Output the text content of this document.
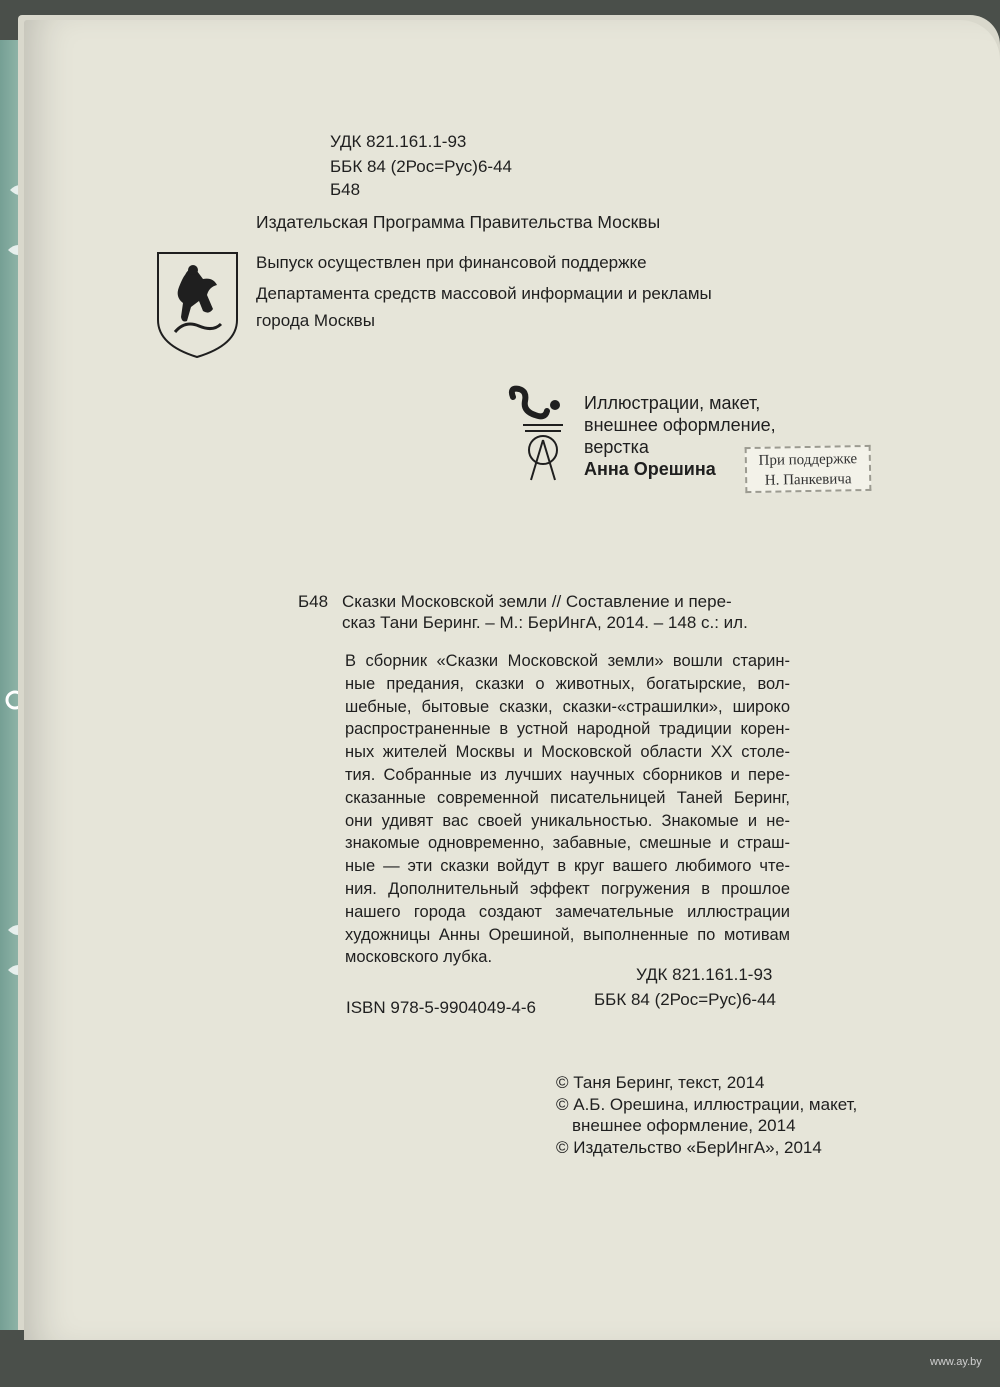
УДК 821.161.1-93
ББК 84 (2Рос=Рус)6-44
Б48
Издательская Программа Правительства Москвы
Выпуск осуществлен при финансовой поддержке
Департамента средств массовой информации и рекламы
города Москвы
Иллюстрации, макет,
внешнее оформление,
верстка
Анна Орешина	При поддержке
Н. Панкевича
Б48 Сказки Московской земли // Составление и пере-
сказ Тани Беринг. – М.: БерИнгА, 2014. – 148 с.: ил.
В сборник «Сказки Московской земли» вошли старин-
ные предания, сказки о животных, богатырские, вол-
шебные, бытовые сказки, сказки-«страшилки», широко
распространенные в устной народной традиции корен-
ных жителей Москвы и Московской области XX столе-
тия. Собранные из лучших научных сборников и пере-
сказанные современной писательницей Таней Беринг,
они удивят вас своей уникальностью. Знакомые и не-
знакомые одновременно, забавные, смешные и страш-
ные — эти сказки войдут в круг вашего любимого чте-
ния. Дополнительный эффект погружения в прошлое
нашего города создают замечательные иллюстрации
художницы Анны Орешиной, выполненные по мотивам
московского лубка.
УДК 821.161.1-93
ББК 84 (2Рос=Рус)6-44
ISBN 978-5-9904049-4-6
© Таня Беринг, текст, 2014
© А.Б. Орешина, иллюстрации, макет,
внешнее оформление, 2014
© Издательство «БерИнгА», 2014
www.ay.by
